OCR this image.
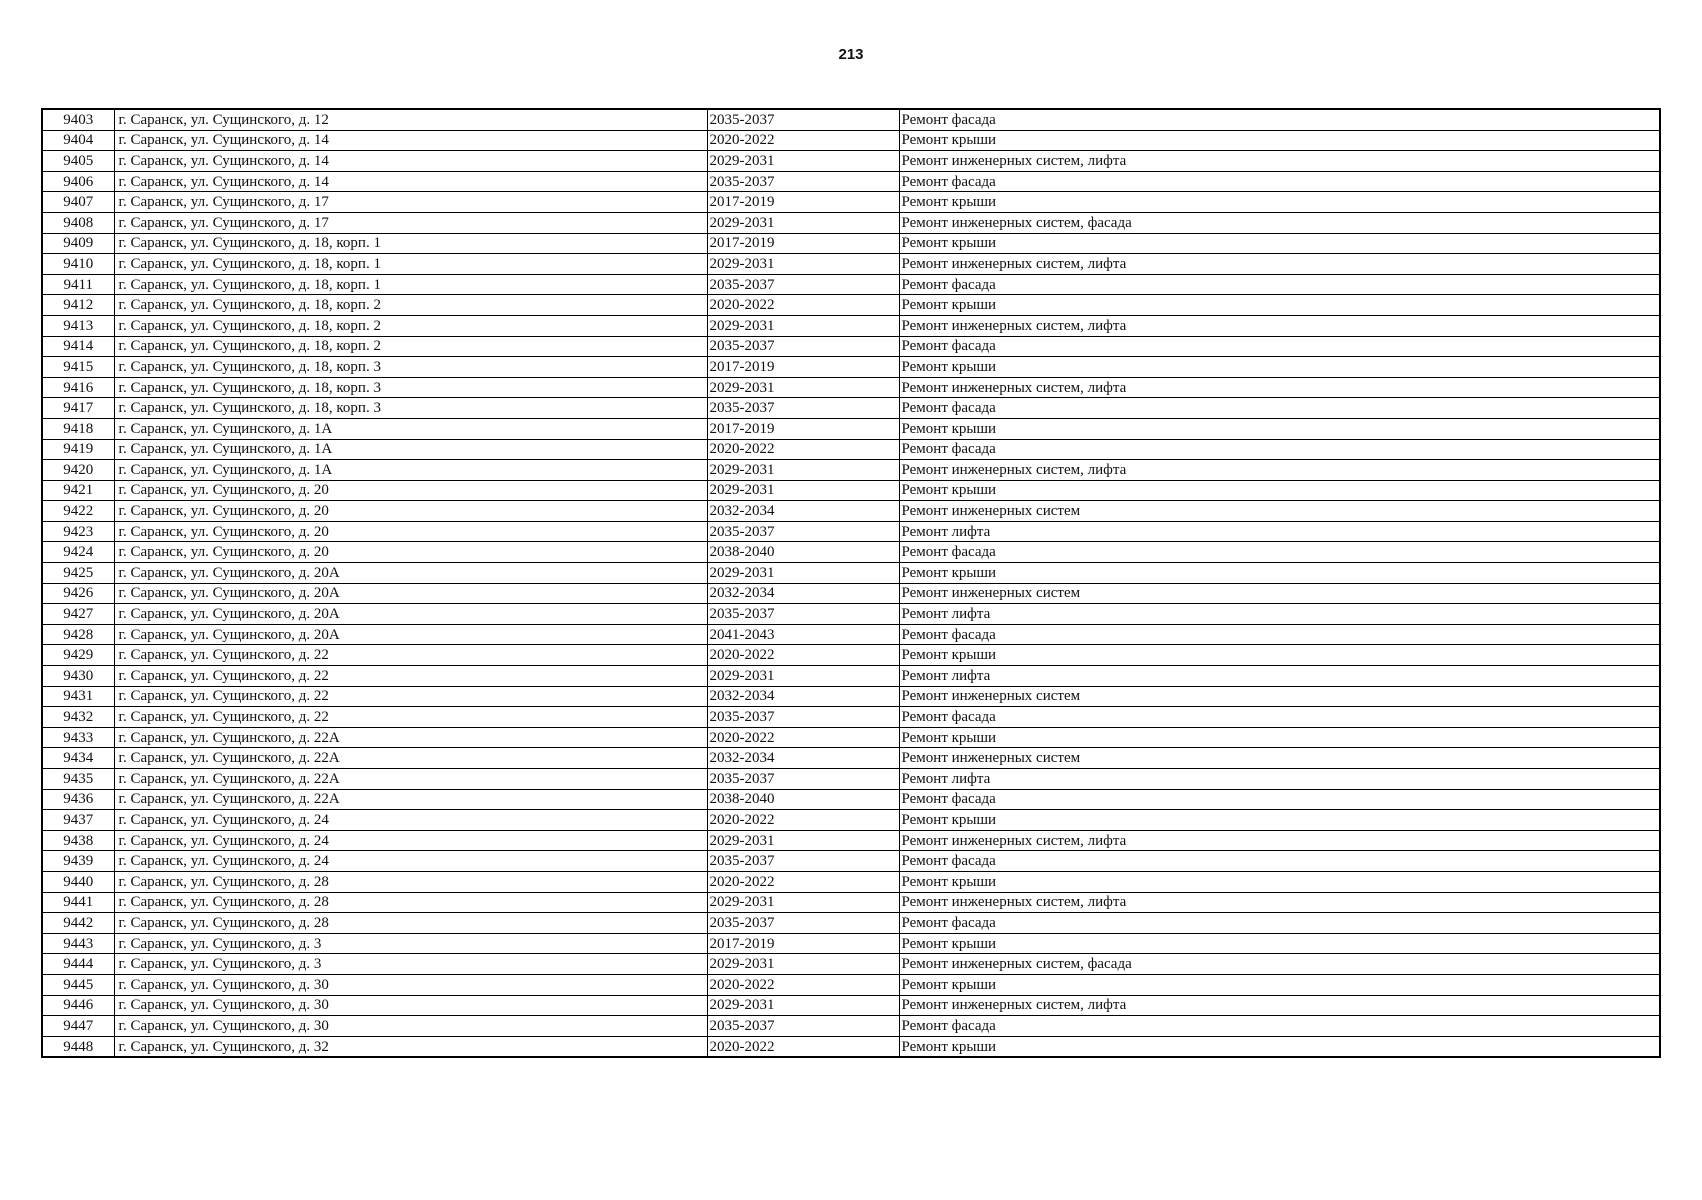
213
9403	г. Саранск, ул. Сущинского, д. 12	2035-2037	Ремонт фасада
9404	г. Саранск, ул. Сущинского, д. 14	2020-2022	Ремонт крыши
9405	г. Саранск, ул. Сущинского, д. 14	2029-2031	Ремонт инженерных систем, лифта
9406	г. Саранск, ул. Сущинского, д. 14	2035-2037	Ремонт фасада
9407	г. Саранск, ул. Сущинского, д. 17	2017-2019	Ремонт крыши
9408	г. Саранск, ул. Сущинского, д. 17	2029-2031	Ремонт инженерных систем, фасада
9409	г. Саранск, ул. Сущинского, д. 18, корп. 1	2017-2019	Ремонт крыши
9410	г. Саранск, ул. Сущинского, д. 18, корп. 1	2029-2031	Ремонт инженерных систем, лифта
9411	г. Саранск, ул. Сущинского, д. 18, корп. 1	2035-2037	Ремонт фасада
9412	г. Саранск, ул. Сущинского, д. 18, корп. 2	2020-2022	Ремонт крыши
9413	г. Саранск, ул. Сущинского, д. 18, корп. 2	2029-2031	Ремонт инженерных систем, лифта
9414	г. Саранск, ул. Сущинского, д. 18, корп. 2	2035-2037	Ремонт фасада
9415	г. Саранск, ул. Сущинского, д. 18, корп. 3	2017-2019	Ремонт крыши
9416	г. Саранск, ул. Сущинского, д. 18, корп. 3	2029-2031	Ремонт инженерных систем, лифта
9417	г. Саранск, ул. Сущинского, д. 18, корп. 3	2035-2037	Ремонт фасада
9418	г. Саранск, ул. Сущинского, д. 1А	2017-2019	Ремонт крыши
9419	г. Саранск, ул. Сущинского, д. 1А	2020-2022	Ремонт фасада
9420	г. Саранск, ул. Сущинского, д. 1А	2029-2031	Ремонт инженерных систем, лифта
9421	г. Саранск, ул. Сущинского, д. 20	2029-2031	Ремонт крыши
9422	г. Саранск, ул. Сущинского, д. 20	2032-2034	Ремонт инженерных систем
9423	г. Саранск, ул. Сущинского, д. 20	2035-2037	Ремонт лифта
9424	г. Саранск, ул. Сущинского, д. 20	2038-2040	Ремонт фасада
9425	г. Саранск, ул. Сущинского, д. 20А	2029-2031	Ремонт крыши
9426	г. Саранск, ул. Сущинского, д. 20А	2032-2034	Ремонт инженерных систем
9427	г. Саранск, ул. Сущинского, д. 20А	2035-2037	Ремонт лифта
9428	г. Саранск, ул. Сущинского, д. 20А	2041-2043	Ремонт фасада
9429	г. Саранск, ул. Сущинского, д. 22	2020-2022	Ремонт крыши
9430	г. Саранск, ул. Сущинского, д. 22	2029-2031	Ремонт лифта
9431	г. Саранск, ул. Сущинского, д. 22	2032-2034	Ремонт инженерных систем
9432	г. Саранск, ул. Сущинского, д. 22	2035-2037	Ремонт фасада
9433	г. Саранск, ул. Сущинского, д. 22А	2020-2022	Ремонт крыши
9434	г. Саранск, ул. Сущинского, д. 22А	2032-2034	Ремонт инженерных систем
9435	г. Саранск, ул. Сущинского, д. 22А	2035-2037	Ремонт лифта
9436	г. Саранск, ул. Сущинского, д. 22А	2038-2040	Ремонт фасада
9437	г. Саранск, ул. Сущинского, д. 24	2020-2022	Ремонт крыши
9438	г. Саранск, ул. Сущинского, д. 24	2029-2031	Ремонт инженерных систем, лифта
9439	г. Саранск, ул. Сущинского, д. 24	2035-2037	Ремонт фасада
9440	г. Саранск, ул. Сущинского, д. 28	2020-2022	Ремонт крыши
9441	г. Саранск, ул. Сущинского, д. 28	2029-2031	Ремонт инженерных систем, лифта
9442	г. Саранск, ул. Сущинского, д. 28	2035-2037	Ремонт фасада
9443	г. Саранск, ул. Сущинского, д. 3	2017-2019	Ремонт крыши
9444	г. Саранск, ул. Сущинского, д. 3	2029-2031	Ремонт инженерных систем, фасада
9445	г. Саранск, ул. Сущинского, д. 30	2020-2022	Ремонт крыши
9446	г. Саранск, ул. Сущинского, д. 30	2029-2031	Ремонт инженерных систем, лифта
9447	г. Саранск, ул. Сущинского, д. 30	2035-2037	Ремонт фасада
9448	г. Саранск, ул. Сущинского, д. 32	2020-2022	Ремонт крыши
